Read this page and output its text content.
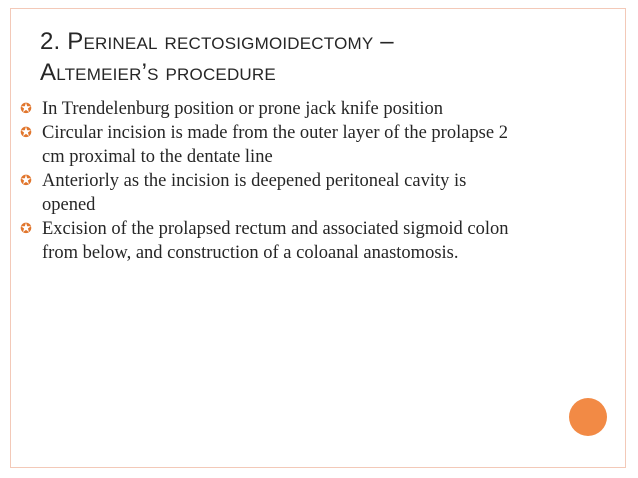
2. Perineal rectosigmoidectomy –
Altemeier’s procedure
✪ In Trendelenburg position or prone jack knife position
✪ Circular incision is made from the outer layer of the prolapse 2 cm proximal to the dentate line
✪ Anteriorly as the incision is deepened peritoneal cavity is opened
✪ Excision of the prolapsed rectum and associated sigmoid colon from below, and construction of a coloanal anastomosis.
